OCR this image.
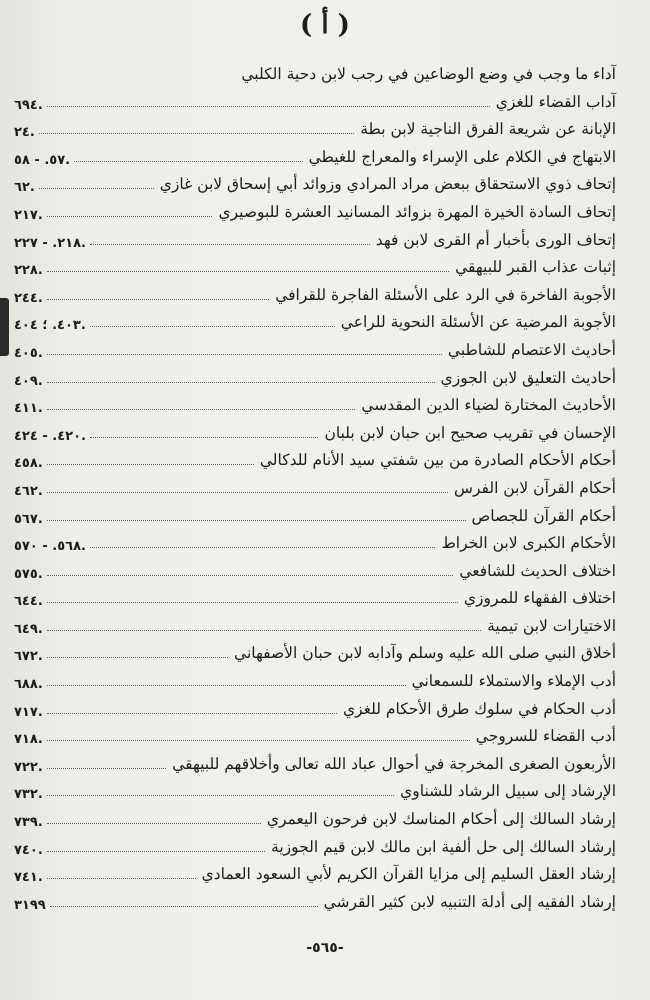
( أ )
آداء ما وجب في وضع الوضاعين في رجب لابن دحية الكلبي
آداب القضاء للغزي
٦٩٤.
الإبانة عن شريعة الفرق الناجية لابن بطة
٢٤.
الابتهاج في الكلام على الإسراء والمعراج للغيطي
٥٧. - ٥٨.
إتحاف ذوي الاستحقاق ببعض مراد المرادي وزوائد أبي إسحاق لابن غازي
٦٢.
إتحاف السادة الخيرة المهرة بزوائد المسانيد العشرة للبوصيري
٢١٧.
إتحاف الورى بأخبار أم القرى لابن فهد
٢١٨. - ٢٢٧.
إثبات عذاب القبر للبيهقي
٢٢٨.
الأجوبة الفاخرة في الرد على الأسئلة الفاجرة للقرافي
٢٤٤.
الأجوبة المرضية عن الأسئلة النحوية للراعي
٤٠٣. ؛ ٤٠٤.
أحاديث الاعتصام للشاطبي
٤٠٥.
أحاديث التعليق لابن الجوزي
٤٠٩.
الأحاديث المختارة لضياء الدين المقدسي
٤١١.
الإحسان في تقريب صحيح ابن حبان لابن بلبان
٤٢٠. - ٤٢٤.
أحكام الأحكام الصادرة من بين شفتي سيد الأنام للدكالي
٤٥٨.
أحكام القرآن لابن الفرس
٤٦٢.
أحكام القرآن للجصاص
٥٦٧.
الأحكام الكبرى لابن الخراط
٥٦٨. - ٥٧٠.
اختلاف الحديث للشافعي
٥٧٥.
اختلاف الفقهاء للمروزي
٦٤٤.
الاختيارات لابن تيمية
٦٤٩.
أخلاق النبي صلى الله عليه وسلم وآدابه لابن حبان الأصفهاني
٦٧٢.
أدب الإملاء والاستملاء للسمعاني
٦٨٨.
أدب الحكام في سلوك طرق الأحكام للغزي
٧١٧.
أدب القضاء للسروجي
٧١٨.
الأربعون الصغرى المخرجة في أحوال عباد الله تعالى وأخلاقهم للبيهقي
٧٢٢.
الإرشاد إلى سبيل الرشاد للشناوي
٧٣٢.
إرشاد السالك إلى أحكام المناسك لابن فرحون اليعمري
٧٣٩.
إرشاد السالك إلى حل ألفية ابن مالك لابن قيم الجوزية
٧٤٠.
إرشاد العقل السليم إلى مزايا القرآن الكريم لأبي السعود العمادي
٧٤١.
إرشاد الفقيه إلى أدلة التنبيه لابن كثير القرشي
٣١٩٩
-٥٦٥-
